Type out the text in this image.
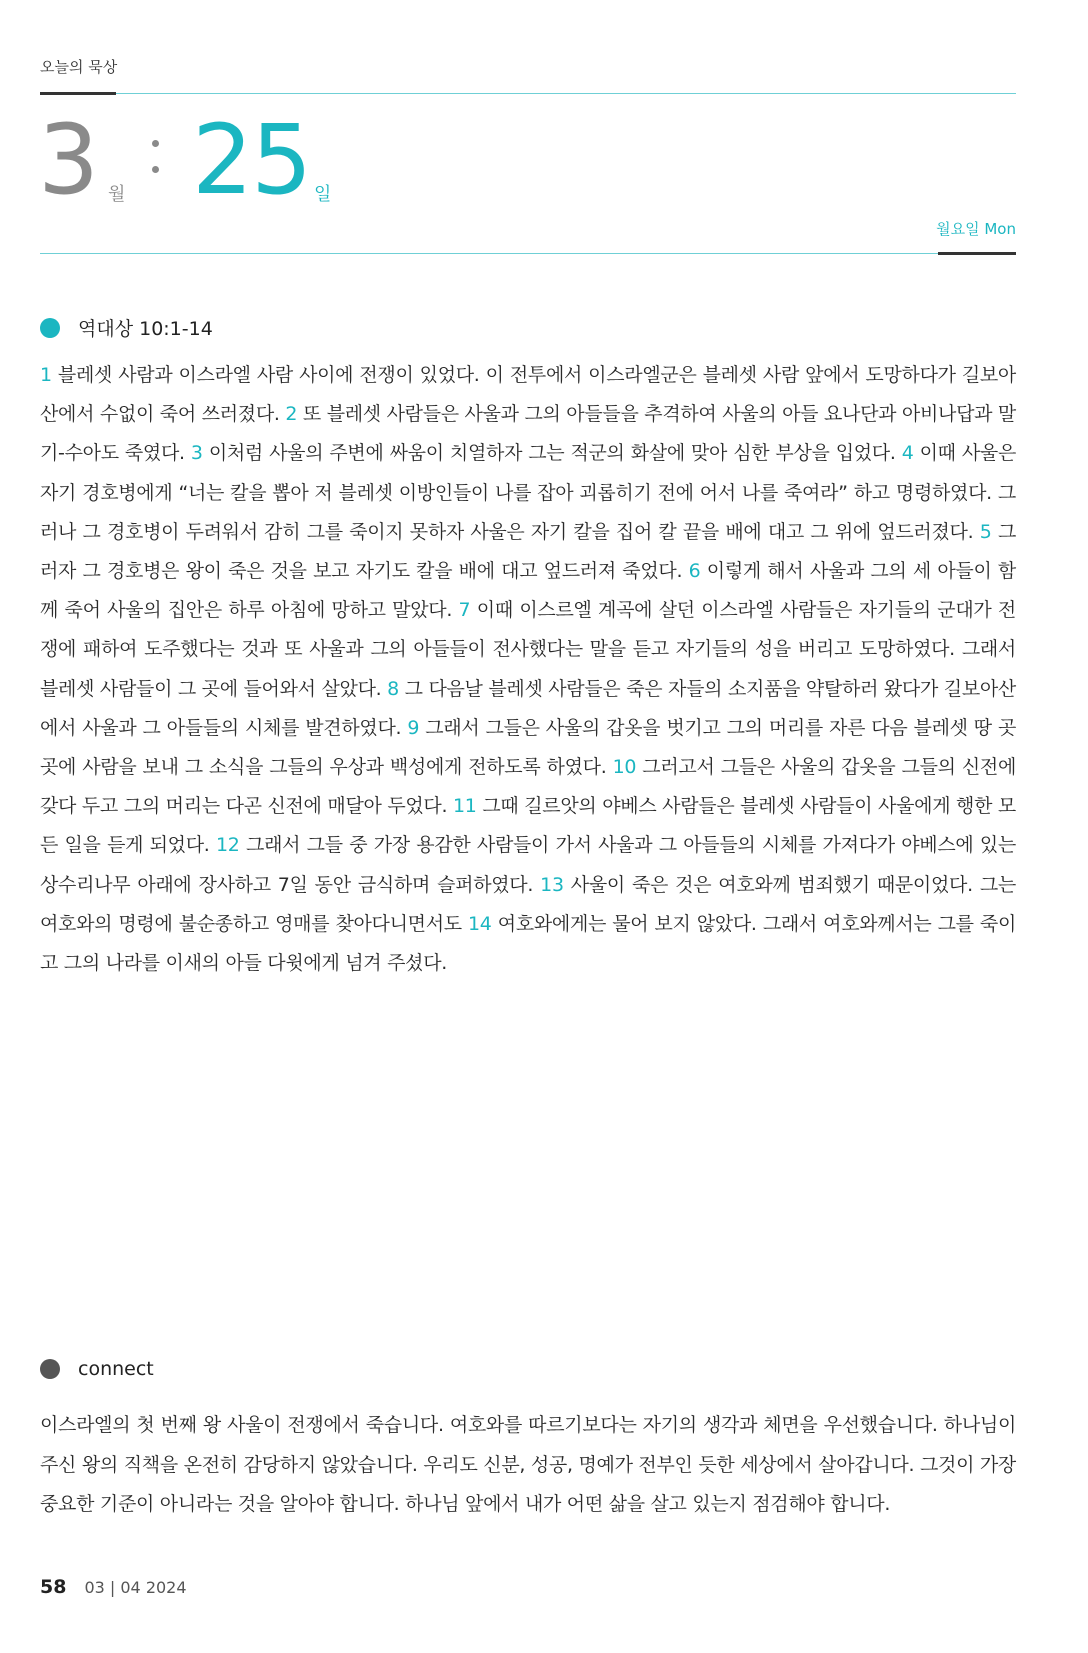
오늘의 묵상
3 월 25 일
월요일 Mon
역대상 10:1-14
1 블레셋 사람과 이스라엘 사람 사이에 전쟁이 있었다. 이 전투에서 이스라엘군은 블레셋 사람 앞에서 도망하다가 길보아산에서 수없이 죽어 쓰러졌다. 2 또 블레셋 사람들은 사울과 그의 아들들을 추격하여 사울의 아들 요나단과 아비나답과 말기-수아도 죽였다. 3 이처럼 사울의 주변에 싸움이 치열하자 그는 적군의 화살에 맞아 심한 부상을 입었다. 4 이때 사울은 자기 경호병에게 “너는 칼을 뽑아 저 블레셋 이방인들이 나를 잡아 괴롭히기 전에 어서 나를 죽여라” 하고 명령하였다. 그러나 그 경호병이 두려워서 감히 그를 죽이지 못하자 사울은 자기 칼을 집어 칼 끝을 배에 대고 그 위에 엎드러졌다. 5 그러자 그 경호병은 왕이 죽은 것을 보고 자기도 칼을 배에 대고 엎드러져 죽었다. 6 이렇게 해서 사울과 그의 세 아들이 함께 죽어 사울의 집안은 하루 아침에 망하고 말았다. 7 이때 이스르엘 계곡에 살던 이스라엘 사람들은 자기들의 군대가 전쟁에 패하여 도주했다는 것과 또 사울과 그의 아들들이 전사했다는 말을 듣고 자기들의 성을 버리고 도망하였다. 그래서 블레셋 사람들이 그 곳에 들어와서 살았다. 8 그 다음날 블레셋 사람들은 죽은 자들의 소지품을 약탈하러 왔다가 길보아산에서 사울과 그 아들들의 시체를 발견하였다. 9 그래서 그들은 사울의 갑옷을 벗기고 그의 머리를 자른 다음 블레셋 땅 곳곳에 사람을 보내 그 소식을 그들의 우상과 백성에게 전하도록 하였다. 10 그러고서 그들은 사울의 갑옷을 그들의 신전에 갖다 두고 그의 머리는 다곤 신전에 매달아 두었다. 11 그때 길르앗의 야베스 사람들은 블레셋 사람들이 사울에게 행한 모든 일을 듣게 되었다. 12 그래서 그들 중 가장 용감한 사람들이 가서 사울과 그 아들들의 시체를 가져다가 야베스에 있는 상수리나무 아래에 장사하고 7일 동안 금식하며 슬퍼하였다. 13 사울이 죽은 것은 여호와께 범죄했기 때문이었다. 그는 여호와의 명령에 불순종하고 영매를 찾아다니면서도 14 여호와에게는 물어 보지 않았다. 그래서 여호와께서는 그를 죽이고 그의 나라를 이새의 아들 다윗에게 넘겨 주셨다.
connect
이스라엘의 첫 번째 왕 사울이 전쟁에서 죽습니다. 여호와를 따르기보다는 자기의 생각과 체면을 우선했습니다. 하나님이 주신 왕의 직책을 온전히 감당하지 않았습니다. 우리도 신분, 성공, 명예가 전부인 듯한 세상에서 살아갑니다. 그것이 가장 중요한 기준이 아니라는 것을 알아야 합니다. 하나님 앞에서 내가 어떤 삶을 살고 있는지 점검해야 합니다.
58 03 | 04 2024
